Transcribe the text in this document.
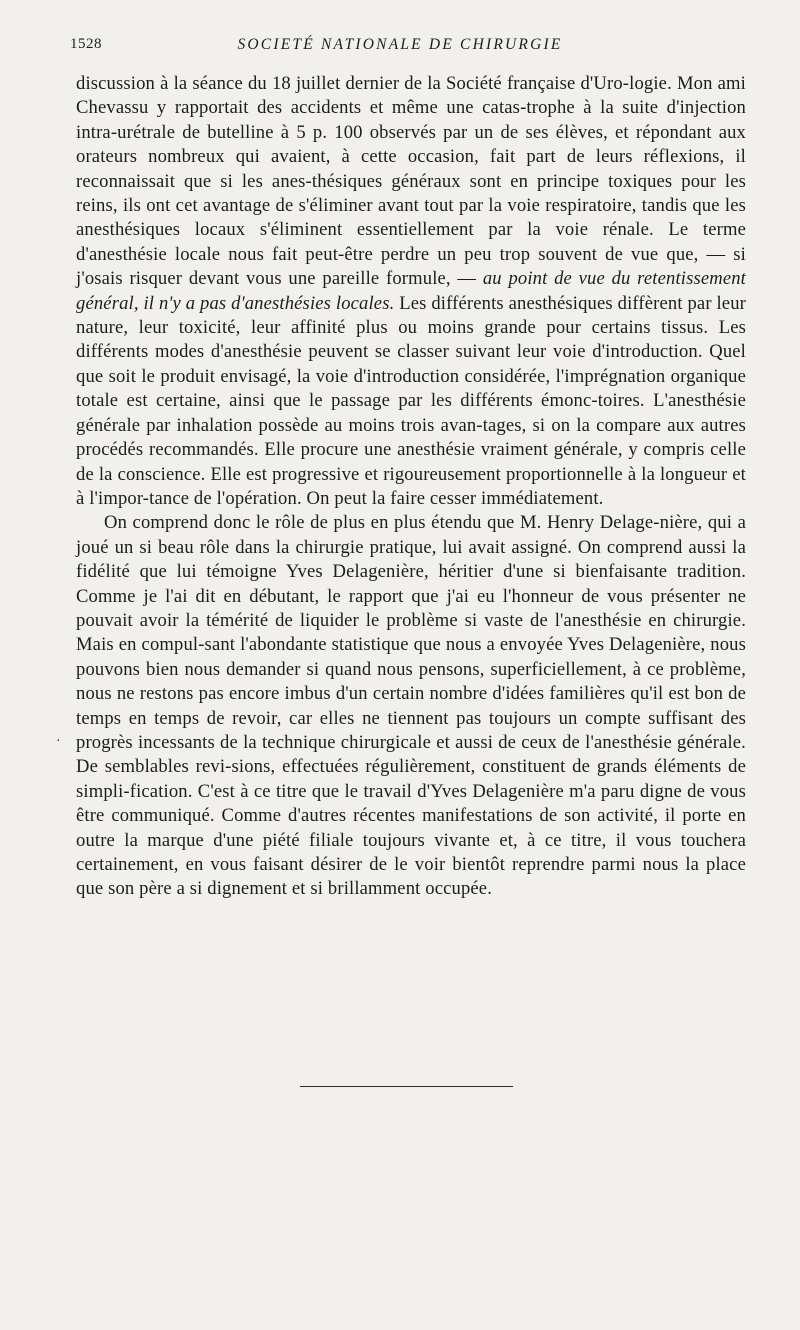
1528	SOCIETÉ NATIONALE DE CHIRURGIE

discussion à la séance du 18 juillet dernier de la Société française d'Uro-logie. Mon ami Chevassu y rapportait des accidents et même une catas-trophe à la suite d'injection intra-urétrale de butelline à 5 p. 100 observés par un de ses élèves, et répondant aux orateurs nombreux qui avaient, à cette occasion, fait part de leurs réflexions, il reconnaissait que si les anes-thésiques généraux sont en principe toxiques pour les reins, ils ont cet avantage de s'éliminer avant tout par la voie respiratoire, tandis que les anesthésiques locaux s'éliminent essentiellement par la voie rénale. Le terme d'anesthésie locale nous fait peut-être perdre un peu trop souvent de vue que, — si j'osais risquer devant vous une pareille formule, — au point de vue du retentissement général, il n'y a pas d'anesthésies locales. Les différents anesthésiques diffèrent par leur nature, leur toxicité, leur affinité plus ou moins grande pour certains tissus. Les différents modes d'anesthésie peuvent se classer suivant leur voie d'introduction. Quel que soit le produit envisagé, la voie d'introduction considérée, l'imprégnation organique totale est certaine, ainsi que le passage par les différents émonc-toires. L'anesthésie générale par inhalation possède au moins trois avan-tages, si on la compare aux autres procédés recommandés. Elle procure une anesthésie vraiment générale, y compris celle de la conscience. Elle est progressive et rigoureusement proportionnelle à la longueur et à l'impor-tance de l'opération. On peut la faire cesser immédiatement.

On comprend donc le rôle de plus en plus étendu que M. Henry Delage-nière, qui a joué un si beau rôle dans la chirurgie pratique, lui avait assigné. On comprend aussi la fidélité que lui témoigne Yves Delagenière, héritier d'une si bienfaisante tradition. Comme je l'ai dit en débutant, le rapport que j'ai eu l'honneur de vous présenter ne pouvait avoir la témérité de liquider le problème si vaste de l'anesthésie en chirurgie. Mais en compul-sant l'abondante statistique que nous a envoyée Yves Delagenière, nous pouvons bien nous demander si quand nous pensons, superficiellement, à ce problème, nous ne restons pas encore imbus d'un certain nombre d'idées familières qu'il est bon de temps en temps de revoir, car elles ne tiennent pas toujours un compte suffisant des progrès incessants de la technique chirurgicale et aussi de ceux de l'anesthésie générale. De semblables revi-sions, effectuées régulièrement, constituent de grands éléments de simpli-fication. C'est à ce titre que le travail d'Yves Delagenière m'a paru digne de vous être communiqué. Comme d'autres récentes manifestations de son activité, il porte en outre la marque d'une piété filiale toujours vivante et, à ce titre, il vous touchera certainement, en vous faisant désirer de le voir bientôt reprendre parmi nous la place que son père a si dignement et si brillamment occupée.

·
